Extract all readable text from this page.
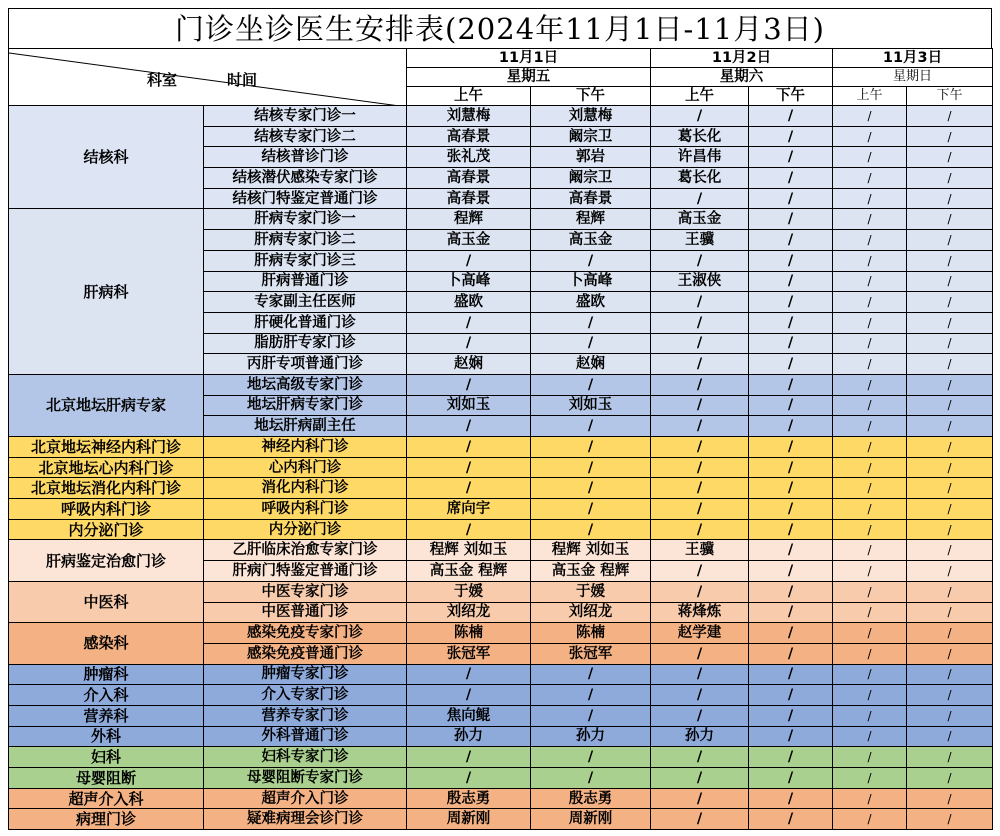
门诊坐诊医生安排表(2024年11月1日-11月3日)
科室 时间		11月1日		11月2日		11月3日	
		星期五		星期六		星期日	
		上午	下午	上午	下午	上午	下午
结核科	结核专家门诊一	刘慧梅	刘慧梅	/	/	/	/
	结核专家门诊二	高春景	阚宗卫	葛长化	/	/	/
	结核普诊门诊	张礼茂	郭岩	许昌伟	/	/	/
	结核潜伏感染专家门诊	高春景	阚宗卫	葛长化	/	/	/
	结核门特鉴定普通门诊	高春景	高春景	/	/	/	/
肝病科	肝病专家门诊一	程辉	程辉	高玉金	/	/	/
	肝病专家门诊二	高玉金	高玉金	王骥	/	/	/
	肝病专家门诊三	/	/	/	/	/	/
	肝病普通门诊	卜高峰	卜高峰	王淑侠	/	/	/
	专家副主任医师	盛欧	盛欧	/	/	/	/
	肝硬化普通门诊	/	/	/	/	/	/
	脂肪肝专家门诊	/	/	/	/	/	/
	丙肝专项普通门诊	赵娴	赵娴	/	/	/	/
北京地坛肝病专家	地坛高级专家门诊	/	/	/	/	/	/
	地坛肝病专家门诊	刘如玉	刘如玉	/	/	/	/
	地坛肝病副主任	/	/	/	/	/	/
北京地坛神经内科门诊	神经内科门诊	/	/	/	/	/	/
北京地坛心内科门诊	心内科门诊	/	/	/	/	/	/
北京地坛消化内科门诊	消化内科门诊	/	/	/	/	/	/
呼吸内科门诊	呼吸内科门诊	席向宇	/	/	/	/	/
内分泌门诊	内分泌门诊	/	/	/	/	/	/
肝病鉴定治愈门诊	乙肝临床治愈专家门诊	程辉 刘如玉	程辉 刘如玉	王骥	/	/	/
	肝病门特鉴定普通门诊	高玉金 程辉	高玉金 程辉	/	/	/	/
中医科	中医专家门诊	于媛	于媛	/	/	/	/
	中医普通门诊	刘绍龙	刘绍龙	蒋烽炼	/	/	/
感染科	感染免疫专家门诊	陈楠	陈楠	赵学建	/	/	/
	感染免疫普通门诊	张冠军	张冠军	/	/	/	/
肿瘤科	肿瘤专家门诊	/	/	/	/	/	/
介入科	介入专家门诊	/	/	/	/	/	/
营养科	营养专家门诊	焦向鲲	/	/	/	/	/
外科	外科普通门诊	孙力	孙力	孙力	/	/	/
妇科	妇科专家门诊	/	/	/	/	/	/
母婴阻断	母婴阻断专家门诊	/	/	/	/	/	/
超声介入科	超声介入门诊	殷志勇	殷志勇	/	/	/	/
病理门诊	疑难病理会诊门诊	周新刚	周新刚	/	/	/	/
